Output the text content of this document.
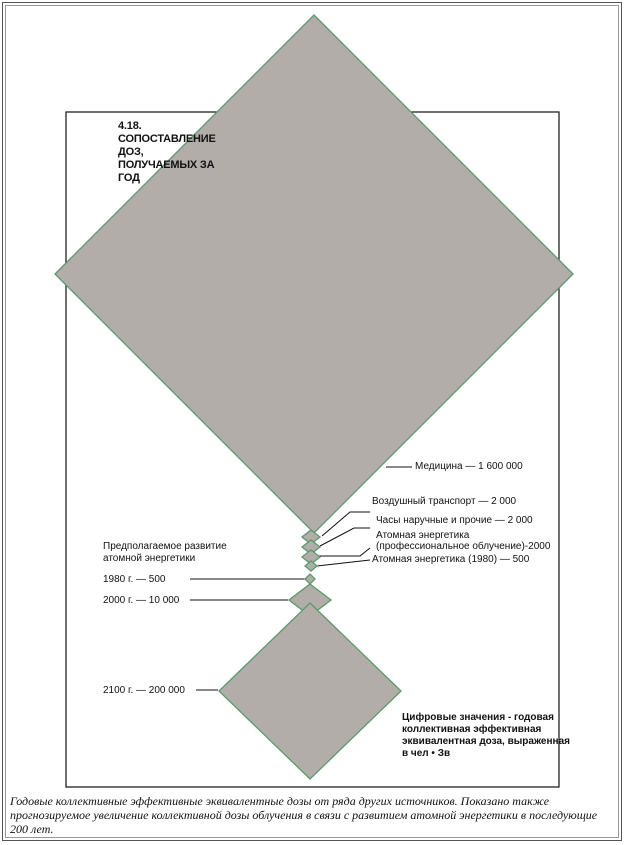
4.18. СОПОСТАВЛЕНИЕ ДОЗ, ПОЛУЧАЕМЫХ ЗА ГОД
Медицина — 1 600 000
Воздушный транспорт — 2 000
Часы наручные и прочие — 2 000
Атомная энергетика
(профессиональное облучение)-2000
Атомная энергетика (1980) — 500
Предполагаемое развитие атомной энергетики
1980 г. — 500
2000 г. — 10 000
2100 г. — 200 000
Цифровые значения - годовая коллективная эффективная эквивалентная доза, выраженная в чел • Зв
Годовые коллективные эффективные эквивалентные дозы от ряда других источников. Показано также прогнозируемое увеличение коллективной дозы облучения в связи с развитием атомной энергетики в последующие 200 лет.
